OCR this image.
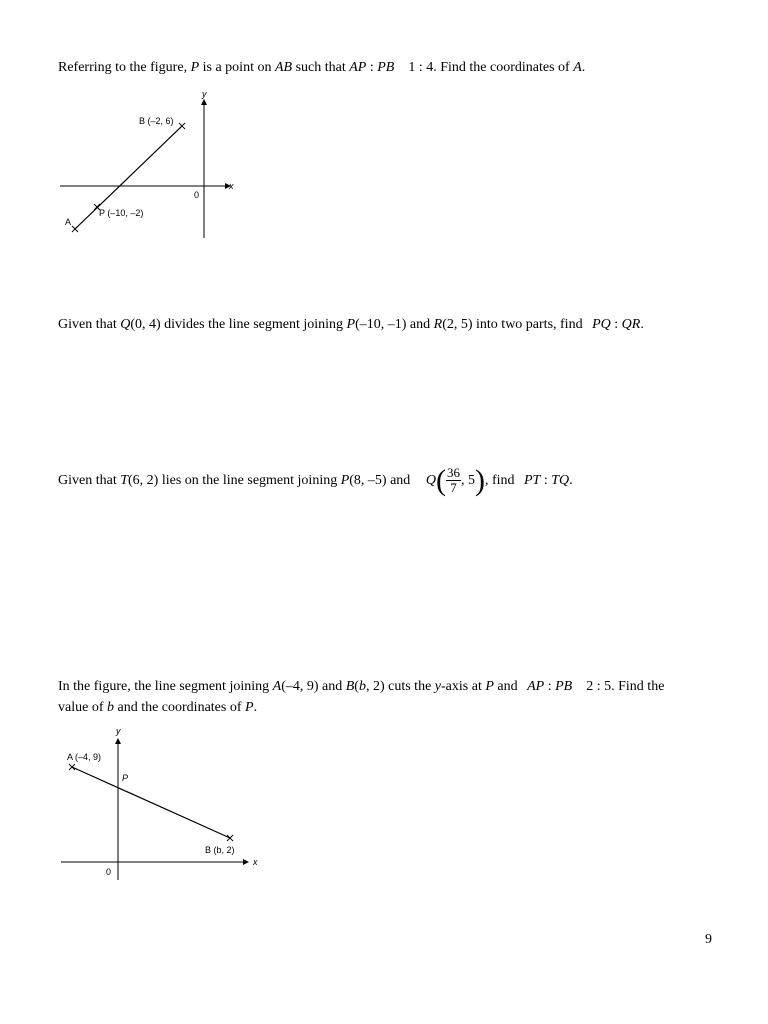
Referring to the figure, P is a point on AB such that AP : PB 1 : 4. Find the coordinates of A.
y
x
0
B (–2, 6)
P (–10, –2)
A
Given that Q(0, 4) divides the line segment joining P(–10, –1) and R(2, 5) into two parts, find PQ : QR.
Given that T(6, 2) lies on the line segment joining P(8, –5) and $Q( \frac{36}{7}$ , 5), find PT : TQ.
In the figure, the line segment joining A(–4, 9) and B(b, 2) cuts the y-axis at P and AP : PB 2 : 5. Find the
value of b and the coordinates of P.
y
x
0
A (–4, 9)
P
B (b, 2)
9
